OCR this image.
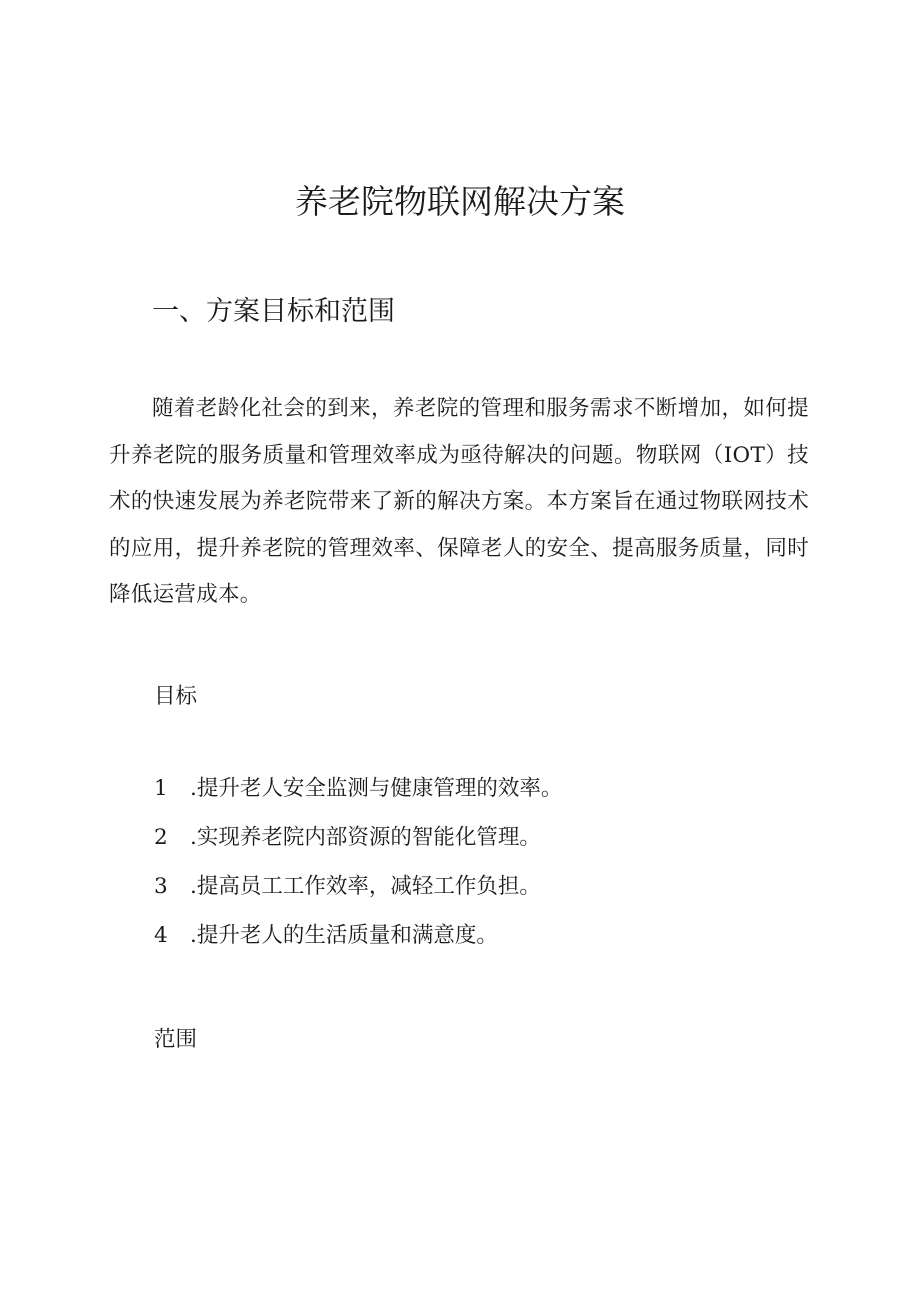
养老院物联网解决方案
一、方案目标和范围

随着老龄化社会的到来，养老院的管理和服务需求不断增加，如何提升养老院的服务质量和管理效率成为亟待解决的问题。物联网（IOT）技术的快速发展为养老院带来了新的解决方案。本方案旨在通过物联网技术的应用，提升养老院的管理效率、保障老人的安全、提高服务质量，同时降低运营成本。

目标
1 .提升老人安全监测与健康管理的效率。
2 .实现养老院内部资源的智能化管理。
3 .提高员工工作效率，减轻工作负担。
4 .提升老人的生活质量和满意度。
范围
